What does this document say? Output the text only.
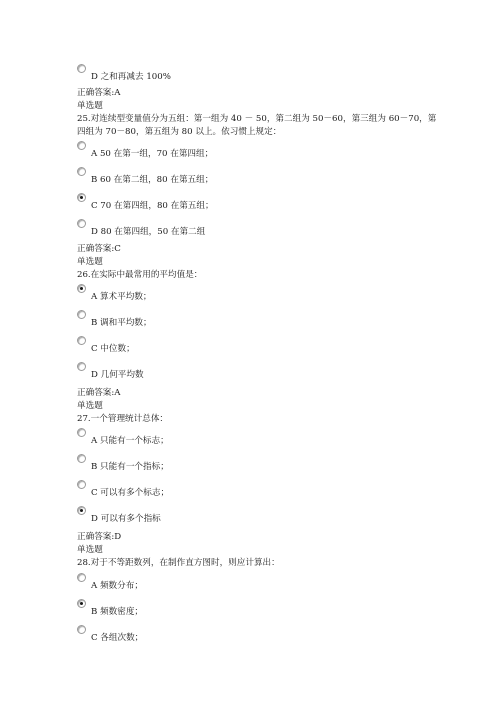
D 之和再减去 100%
正确答案:A
单选题
25.对连续型变量值分为五组：第一组为 40 － 50，第二组为 50－60，第三组为 60－70，第
四组为 70－80，第五组为 80 以上。依习惯上规定：
A 50 在第一组，70 在第四组；
B 60 在第二组，80 在第五组；
C 70 在第四组，80 在第五组；
D 80 在第四组，50 在第二组
正确答案:C
单选题
26.在实际中最常用的平均值是：
A 算术平均数；
B 调和平均数；
C 中位数；
D 几何平均数
正确答案:A
单选题
27.一个管理统计总体：
A 只能有一个标志；
B 只能有一个指标；
C 可以有多个标志；
D 可以有多个指标
正确答案:D
单选题
28.对于不等距数列，在制作直方图时，则应计算出：
A 频数分布；
B 频数密度；
C 各组次数；
